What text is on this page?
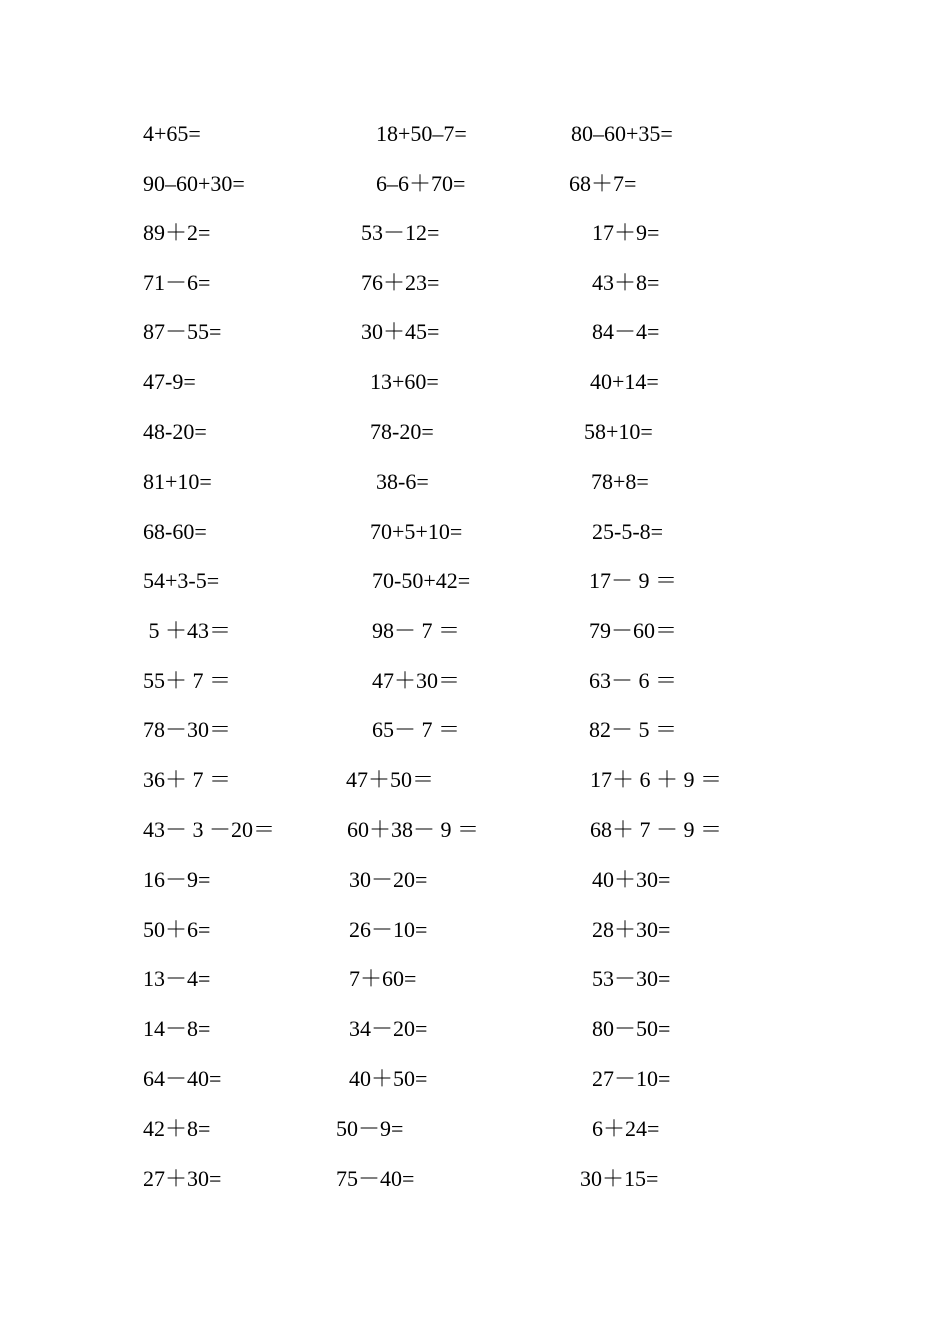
4+65=	18+50–7=	80–60+35=
90–60+30=	6–6＋70=	68＋7=
89＋2=	53－12=	17＋9=
71－6=	76＋23=	43＋8=
87－55=	30＋45=	84－4=
47-9=	13+60=	40+14=
48-20=	78-20=	58+10=
81+10=	38-6=	78+8=
68-60=	70+5+10=	25-5-8=
54+3-5=	70-50+42=	17－ 9 ＝
5 ＋43＝	98－ 7 ＝	79－60＝
55＋ 7 ＝	47＋30＝	63－ 6 ＝
78－30＝	65－ 7 ＝	82－ 5 ＝
36＋ 7 ＝	47＋50＝	17＋ 6 ＋ 9 ＝
43－ 3 －20＝	60＋38－ 9 ＝	68＋ 7 － 9 ＝
16－9=	30－20=	40＋30=
50＋6=	26－10=	28＋30=
13－4=	7＋60=	53－30=
14－8=	34－20=	80－50=
64－40=	40＋50=	27－10=
42＋8=	50－9=	6＋24=
27＋30=	75－40=	30＋15=
